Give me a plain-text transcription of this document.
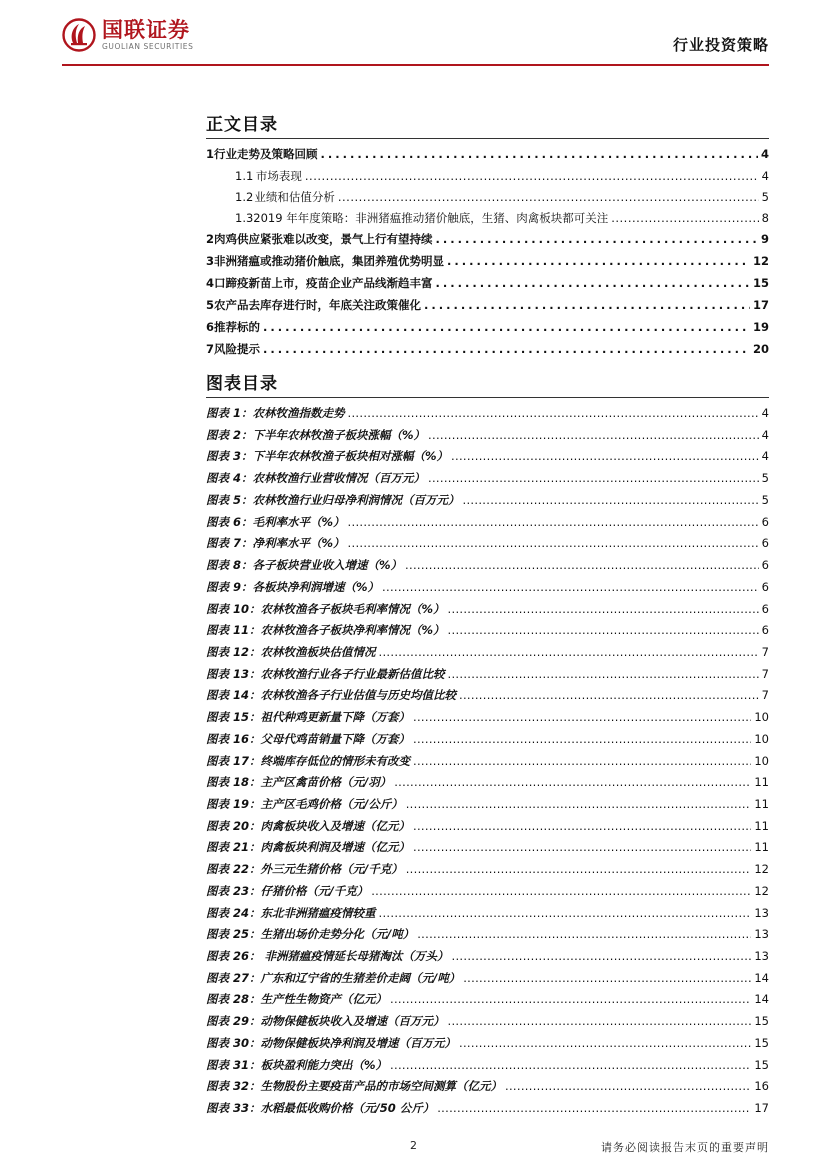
国联证券
GUOLIAN SECURITIES	行业投资策略
正文目录
1 行业走势及策略回顾 .....	4
1.1 市场表现 .....	4
1.2 业绩和估值分析 .....	5
1.3 2019 年年度策略：非洲猪瘟推动猪价触底，生猪、肉禽板块都可关注 .....	8
2 肉鸡供应紧张难以改变，景气上行有望持续 .....	9
3 非洲猪瘟或推动猪价触底，集团养殖优势明显 .....	12
4 口蹄疫新苗上市，疫苗企业产品线渐趋丰富 .....	15
5 农产品去库存进行时，年底关注政策催化 .....	17
6 推荐标的 .....	19
7 风险提示 .....	20
图表目录
图表 1：农林牧渔指数走势 .....	4
图表 2：下半年农林牧渔子板块涨幅（%） .....	4
图表 3：下半年农林牧渔子板块相对涨幅（%） .....	4
图表 4：农林牧渔行业营收情况（百万元） .....	5
图表 5：农林牧渔行业归母净利润情况（百万元） .....	5
图表 6：毛利率水平（%） .....	6
图表 7：净利率水平（%） .....	6
图表 8：各子板块营业收入增速（%） .....	6
图表 9：各板块净利润增速（%） .....	6
图表 10：农林牧渔各子板块毛利率情况（%） .....	6
图表 11：农林牧渔各子板块净利率情况（%） .....	6
图表 12：农林牧渔板块估值情况 .....	7
图表 13：农林牧渔行业各子行业最新估值比较 .....	7
图表 14：农林牧渔各子行业估值与历史均值比较 .....	7
图表 15：祖代种鸡更新量下降（万套） .....	10
图表 16：父母代鸡苗销量下降（万套） .....	10
图表 17：终端库存低位的情形未有改变 .....	10
图表 18：主产区禽苗价格（元/羽） .....	11
图表 19：主产区毛鸡价格（元/公斤） .....	11
图表 20：肉禽板块收入及增速（亿元） .....	11
图表 21：肉禽板块利润及增速（亿元） .....	11
图表 22：外三元生猪价格（元/千克） .....	12
图表 23：仔猪价格（元/千克） .....	12
图表 24：东北非洲猪瘟疫情较重 .....	13
图表 25：生猪出场价走势分化（元/吨） .....	13
图表 26： 非洲猪瘟疫情延长母猪淘汰（万头） .....	13
图表 27：广东和辽宁省的生猪差价走阔（元/吨） .....	14
图表 28：生产性生物资产（亿元） .....	14
图表 29：动物保健板块收入及增速（百万元） .....	15
图表 30：动物保健板块净利润及增速（百万元） .....	15
图表 31：板块盈利能力突出（%） .....	15
图表 32：生物股份主要疫苗产品的市场空间测算（亿元） .....	16
图表 33：水稻最低收购价格（元/50 公斤） .....	17
2	请务必阅读报告末页的重要声明
